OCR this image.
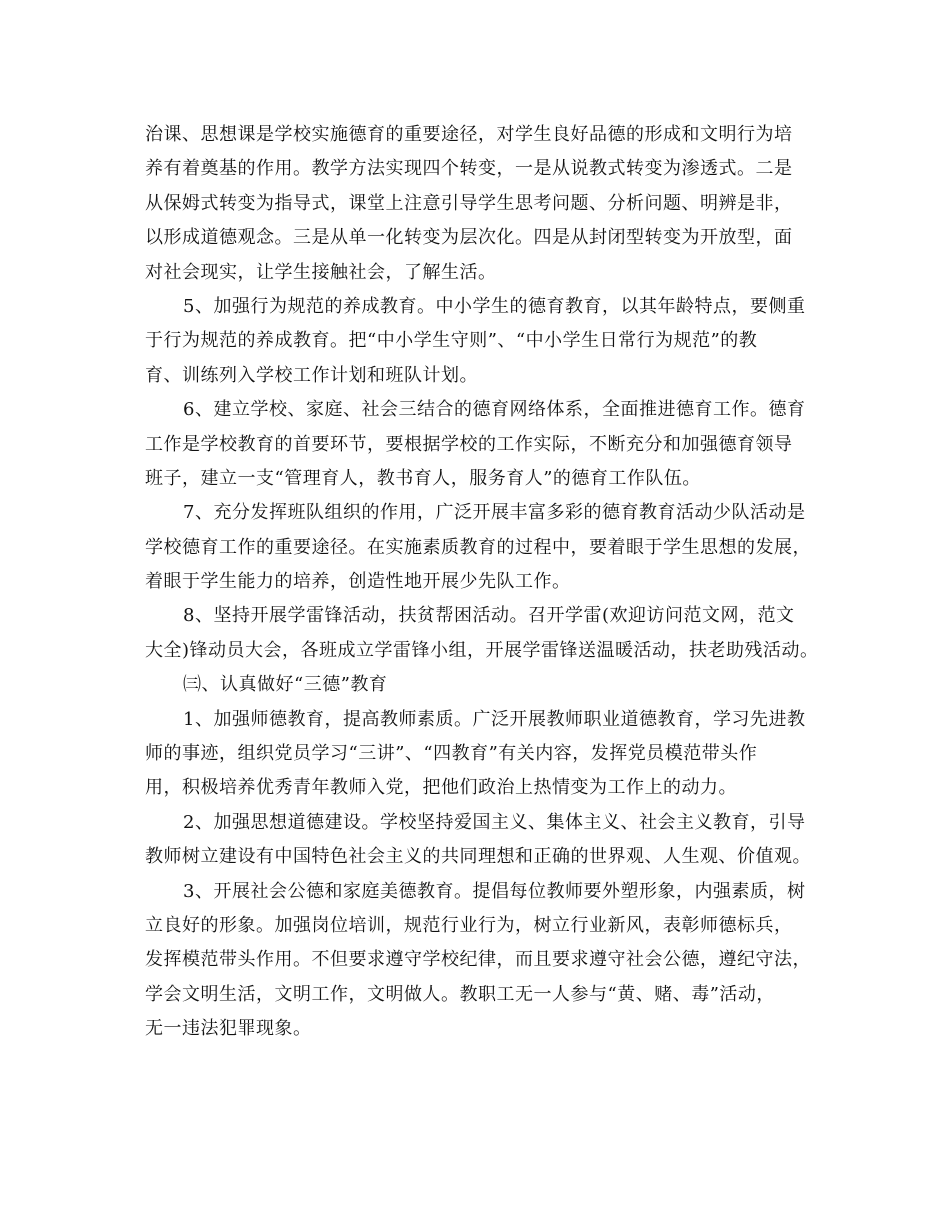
治课、思想课是学校实施德育的重要途径，对学生良好品德的形成和文明行为培
养有着奠基的作用。教学方法实现四个转变，一是从说教式转变为渗透式。二是
从保姆式转变为指导式，课堂上注意引导学生思考问题、分析问题、明辨是非，
以形成道德观念。三是从单一化转变为层次化。四是从封闭型转变为开放型，面
对社会现实，让学生接触社会，了解生活。
5、加强行为规范的养成教育。中小学生的德育教育，以其年龄特点，要侧重
于行为规范的养成教育。把“中小学生守则”、“中小学生日常行为规范”的教
育、训练列入学校工作计划和班队计划。
6、建立学校、家庭、社会三结合的德育网络体系，全面推进德育工作。德育
工作是学校教育的首要环节，要根据学校的工作实际，不断充分和加强德育领导
班子，建立一支“管理育人，教书育人，服务育人”的德育工作队伍。
7、充分发挥班队组织的作用，广泛开展丰富多彩的德育教育活动少队活动是
学校德育工作的重要途径。在实施素质教育的过程中，要着眼于学生思想的发展，
着眼于学生能力的培养，创造性地开展少先队工作。
8、坚持开展学雷锋活动，扶贫帮困活动。召开学雷(欢迎访问范文网，范文
大全)锋动员大会，各班成立学雷锋小组，开展学雷锋送温暖活动，扶老助残活动。
㈢、认真做好“三德”教育
1、加强师德教育，提高教师素质。广泛开展教师职业道德教育，学习先进教
师的事迹，组织党员学习“三讲”、“四教育”有关内容，发挥党员模范带头作
用，积极培养优秀青年教师入党，把他们政治上热情变为工作上的动力。
2、加强思想道德建设。学校坚持爱国主义、集体主义、社会主义教育，引导
教师树立建设有中国特色社会主义的共同理想和正确的世界观、人生观、价值观。
3、开展社会公德和家庭美德教育。提倡每位教师要外塑形象，内强素质，树
立良好的形象。加强岗位培训，规范行业行为，树立行业新风，表彰师德标兵，
发挥模范带头作用。不但要求遵守学校纪律，而且要求遵守社会公德，遵纪守法，
学会文明生活，文明工作，文明做人。教职工无一人参与“黄、赌、毒”活动，
无一违法犯罪现象。
